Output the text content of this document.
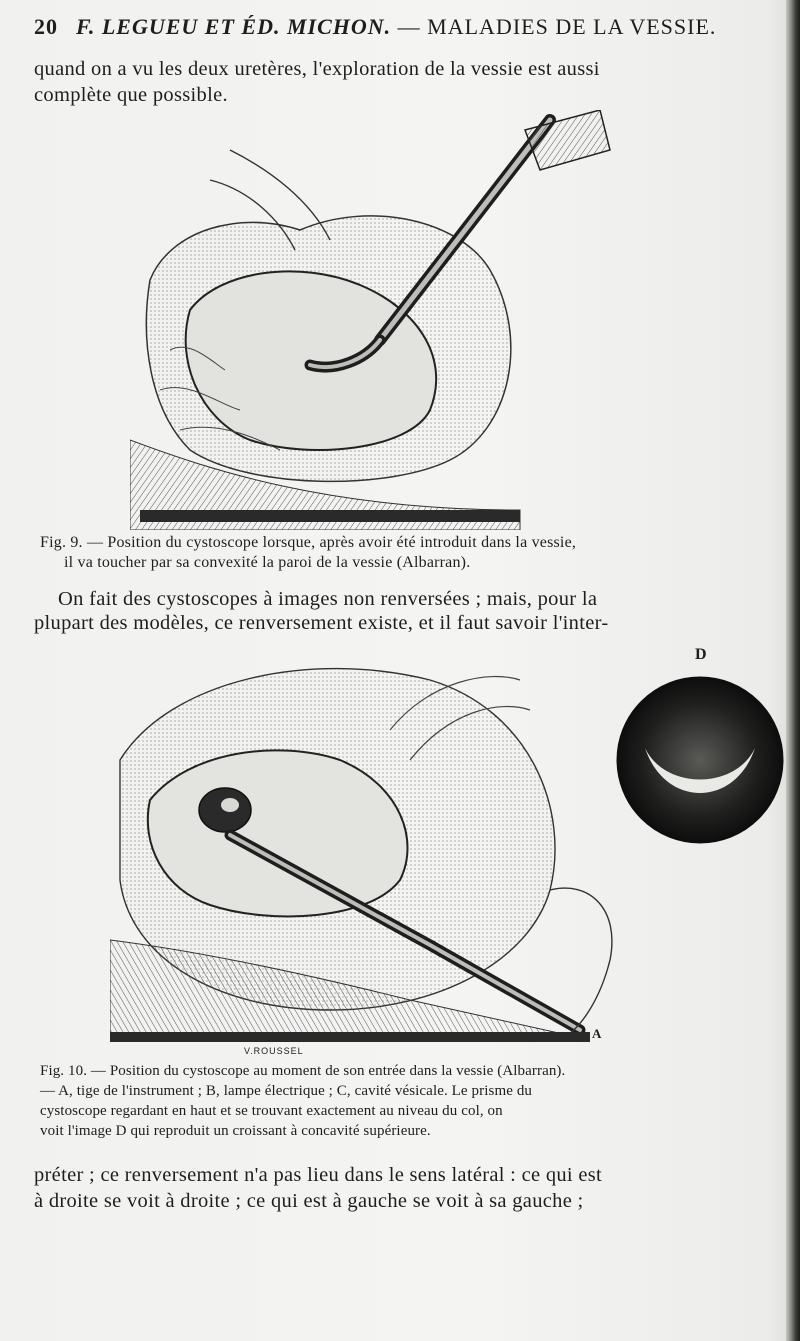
20 F. LEGUEU ET ÉD. MICHON. — MALADIES DE LA VESSIE.
quand on a vu les deux uretères, l'exploration de la vessie est aussi
complète que possible.
Fig. 9. — Position du cystoscope lorsque, après avoir été introduit dans la vessie,
il va toucher par sa convexité la paroi de la vessie (Albarran).
On fait des cystoscopes à images non renversées ; mais, pour la
plupart des modèles, ce renversement existe, et il faut savoir l'inter-
D
A
V.ROUSSEL
Fig. 10. — Position du cystoscope au moment de son entrée dans la vessie (Albarran).
— A, tige de l'instrument ; B, lampe électrique ; C, cavité vésicale. Le prisme du
cystoscope regardant en haut et se trouvant exactement au niveau du col, on
voit l'image D qui reproduit un croissant à concavité supérieure.
préter ; ce renversement n'a pas lieu dans le sens latéral : ce qui est
à droite se voit à droite ; ce qui est à gauche se voit à sa gauche ;
